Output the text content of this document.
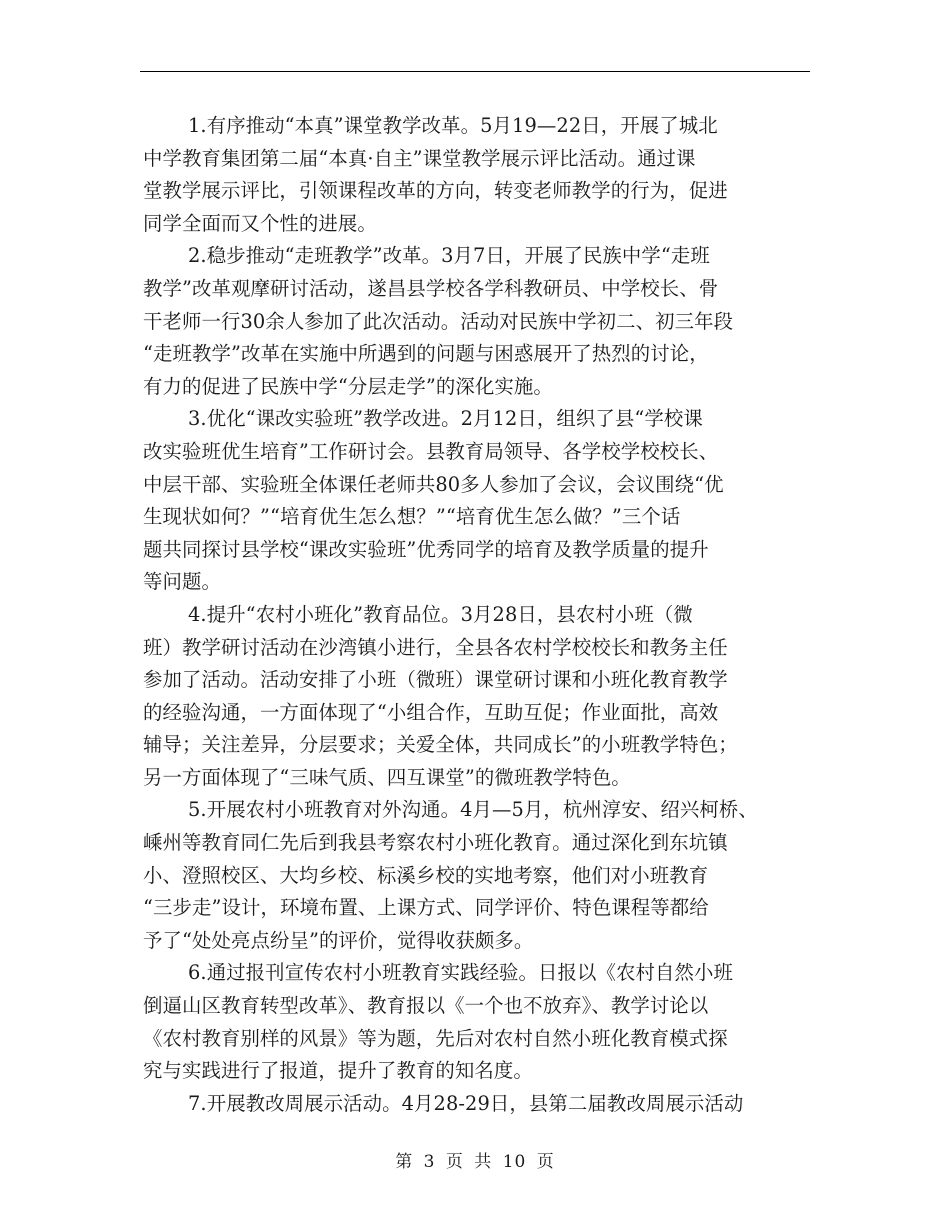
1.有序推动“本真”课堂教学改革。5月19—22日，开展了城北
中学教育集团第二届“本真·自主”课堂教学展示评比活动。通过课
堂教学展示评比，引领课程改革的方向，转变老师教学的行为，促进
同学全面而又个性的进展。
2.稳步推动“走班教学”改革。3月7日，开展了民族中学“走班
教学”改革观摩研讨活动，遂昌县学校各学科教研员、中学校长、骨
干老师一行30余人参加了此次活动。活动对民族中学初二、初三年段
“走班教学”改革在实施中所遇到的问题与困惑展开了热烈的讨论，
有力的促进了民族中学“分层走学”的深化实施。
3.优化“课改实验班”教学改进。2月12日，组织了县“学校课
改实验班优生培育”工作研讨会。县教育局领导、各学校学校校长、
中层干部、实验班全体课任老师共80多人参加了会议，会议围绕“优
生现状如何？”“培育优生怎么想？”“培育优生怎么做？”三个话
题共同探讨县学校“课改实验班”优秀同学的培育及教学质量的提升
等问题。
4.提升“农村小班化”教育品位。3月28日，县农村小班（微
班）教学研讨活动在沙湾镇小进行，全县各农村学校校长和教务主任
参加了活动。活动安排了小班（微班）课堂研讨课和小班化教育教学
的经验沟通，一方面体现了“小组合作，互助互促；作业面批，高效
辅导；关注差异，分层要求；关爱全体，共同成长”的小班教学特色；
另一方面体现了“三味气质、四互课堂”的微班教学特色。
5.开展农村小班教育对外沟通。4月—5月，杭州淳安、绍兴柯桥、
嵊州等教育同仁先后到我县考察农村小班化教育。通过深化到东坑镇
小、澄照校区、大均乡校、标溪乡校的实地考察，他们对小班教育
“三步走”设计，环境布置、上课方式、同学评价、特色课程等都给
予了“处处亮点纷呈”的评价，觉得收获颇多。
6.通过报刊宣传农村小班教育实践经验。日报以《农村自然小班
倒逼山区教育转型改革》、教育报以《一个也不放弃》、教学讨论以
《农村教育别样的风景》等为题，先后对农村自然小班化教育模式探
究与实践进行了报道，提升了教育的知名度。
7.开展教改周展示活动。4月28-29日，县第二届教改周展示活动
第 3 页 共 10 页
